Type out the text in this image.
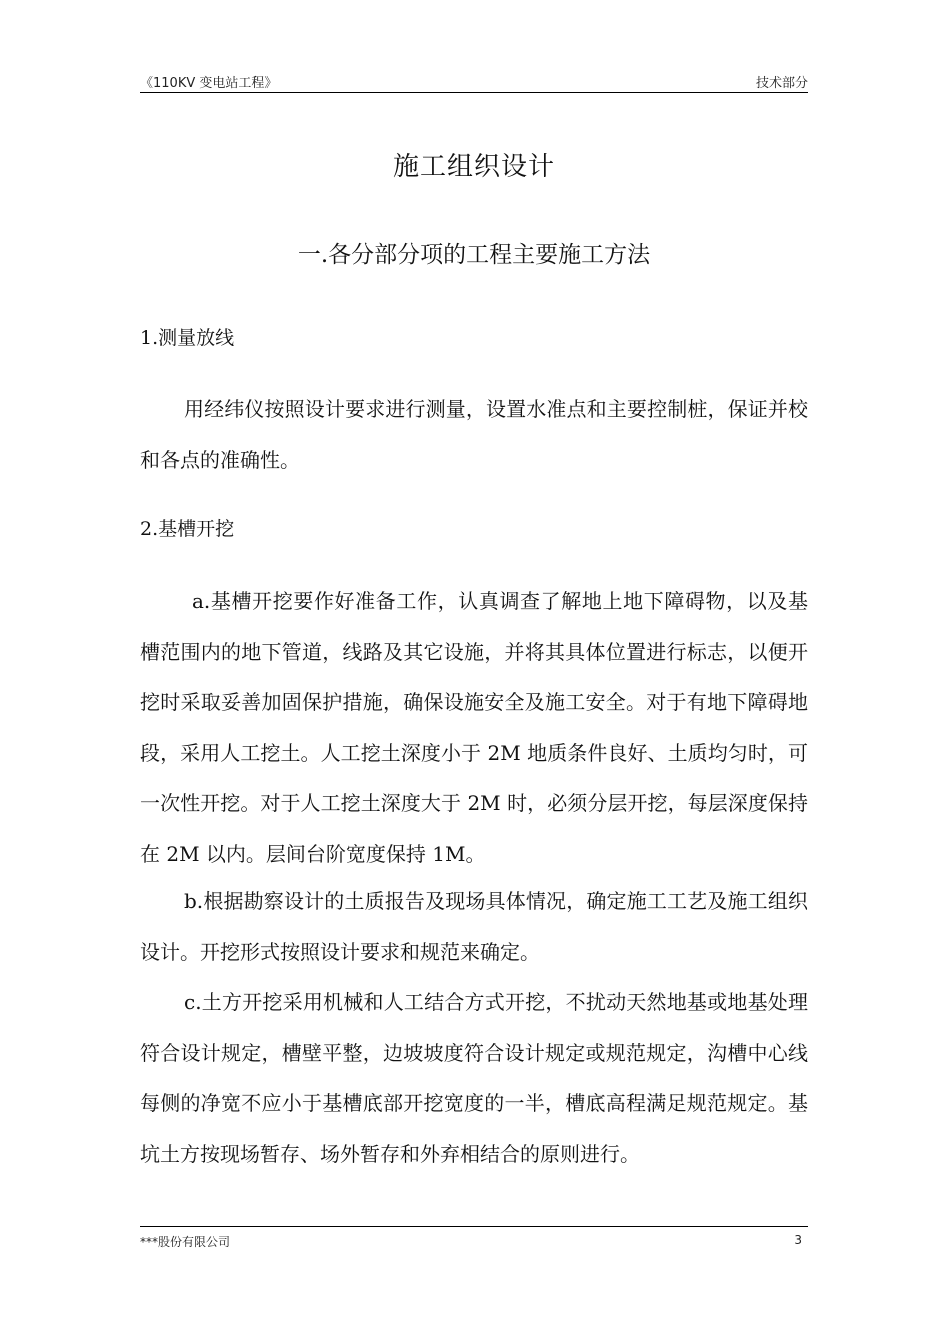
《110KV 变电站工程》	技术部分
施工组织设计
一.各分部分项的工程主要施工方法
1.测量放线

用经纬仪按照设计要求进行测量，设置水准点和主要控制桩，保证并校和各点的准确性。

2.基槽开挖

a.基槽开挖要作好准备工作，认真调查了解地上地下障碍物，以及基槽范围内的地下管道，线路及其它设施，并将其具体位置进行标志，以便开挖时采取妥善加固保护措施，确保设施安全及施工安全。对于有地下障碍地段，采用人工挖土。人工挖土深度小于 2M 地质条件良好、土质均匀时，可一次性开挖。对于人工挖土深度大于 2M 时，必须分层开挖，每层深度保持在 2M 以内。层间台阶宽度保持 1M。

b.根据勘察设计的土质报告及现场具体情况，确定施工工艺及施工组织设计。开挖形式按照设计要求和规范来确定。

c.土方开挖采用机械和人工结合方式开挖，不扰动天然地基或地基处理符合设计规定，槽壁平整，边坡坡度符合设计规定或规范规定，沟槽中心线每侧的净宽不应小于基槽底部开挖宽度的一半，槽底高程满足规范规定。基坑土方按现场暂存、场外暂存和外弃相结合的原则进行。

***股份有限公司	3
